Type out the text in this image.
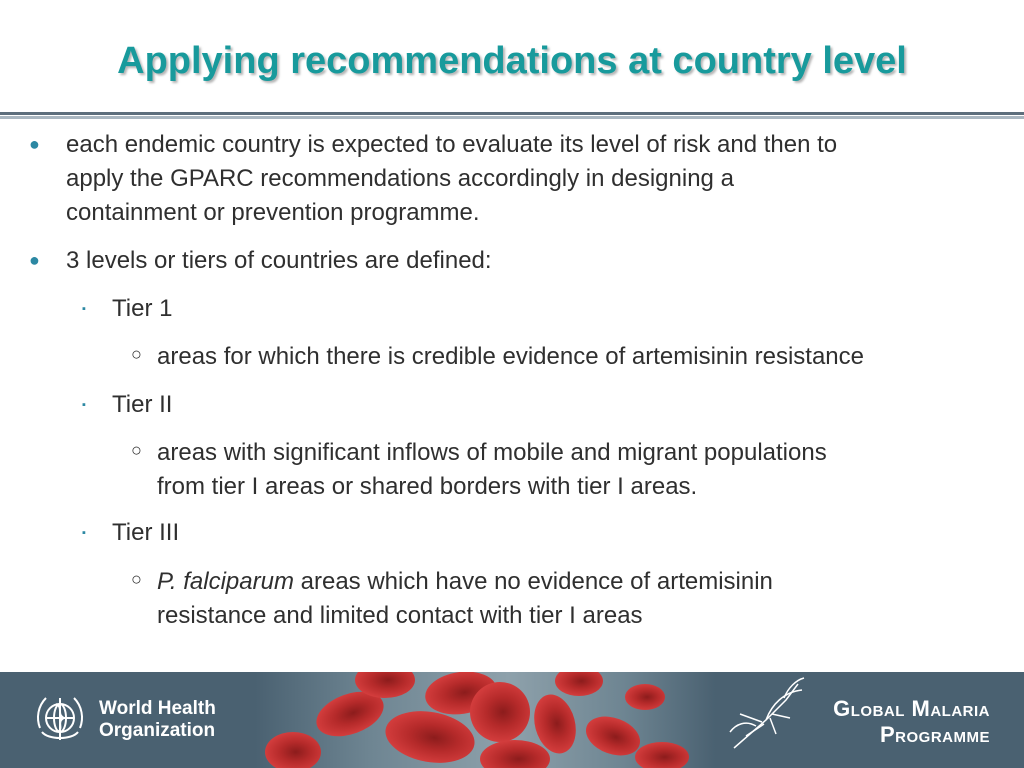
Applying recommendations at country level
● each endemic country is expected to evaluate its level of risk and then to
apply the GPARC recommendations accordingly in designing a
containment or prevention programme.
● 3 levels or tiers of countries are defined:
▪ Tier 1
○ areas for which there is credible evidence of artemisinin resistance
▪ Tier II
○ areas with significant inflows of mobile and migrant populations
from tier I areas or shared borders with tier I areas.
▪ Tier III
○ P. falciparum areas which have no evidence of artemisinin
resistance and limited contact with tier I areas
World Health
Organization
Global Malaria
Programme
